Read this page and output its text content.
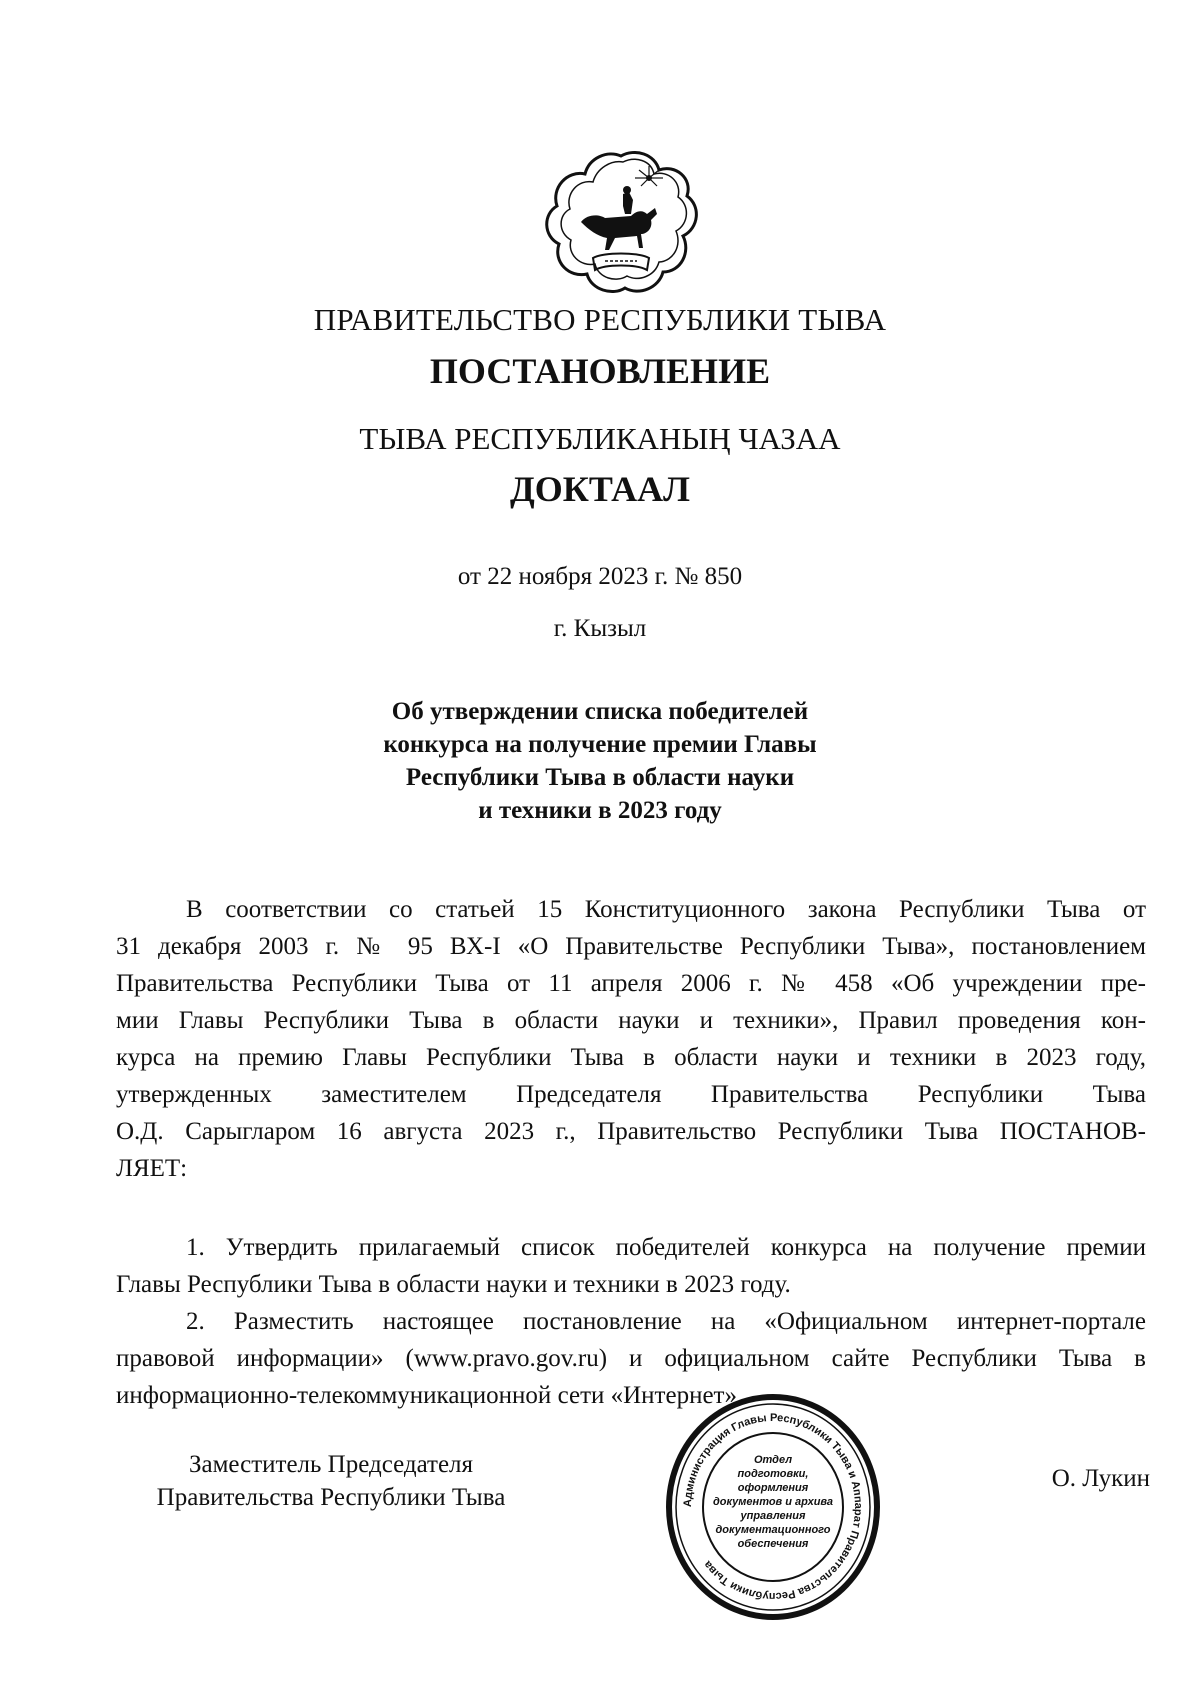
ПРАВИТЕЛЬСТВО РЕСПУБЛИКИ ТЫВА
ПОСТАНОВЛЕНИЕ
ТЫВА РЕСПУБЛИКАНЫҢ ЧАЗАА
ДОКТААЛ
от 22 ноября 2023 г. № 850
г. Кызыл
Об утверждении списка победителей
конкурса на получение премии Главы
Республики Тыва в области науки
и техники в 2023 году
В соответствии со статьей 15 Конституционного закона Республики Тыва от
31 декабря 2003 г. № 95 ВХ-I «О Правительстве Республики Тыва», постановлением
Правительства Республики Тыва от 11 апреля 2006 г. № 458 «Об учреждении пре-
мии Главы Республики Тыва в области науки и техники», Правил проведения кон-
курса на премию Главы Республики Тыва в области науки и техники в 2023 году,
утвержденных заместителем Председателя Правительства Республики Тыва
О.Д. Сарыгларом 16 августа 2023 г., Правительство Республики Тыва ПОСТАНОВ-
ЛЯЕТ:
1. Утвердить прилагаемый список победителей конкурса на получение премии
Главы Республики Тыва в области науки и техники в 2023 году.
2. Разместить настоящее постановление на «Официальном интернет-портале
правовой информации» (www.pravo.gov.ru) и официальном сайте Республики Тыва в
информационно-телекоммуникационной сети «Интернет».
Заместитель Председателя
Правительства Республики Тыва	Администрация Главы Республики Тыва и Аппарат Правительства Республики Тыва
Отдел
подготовки,
оформления
документов и архива
управления
документационного
обеспечения
О. Лукин
